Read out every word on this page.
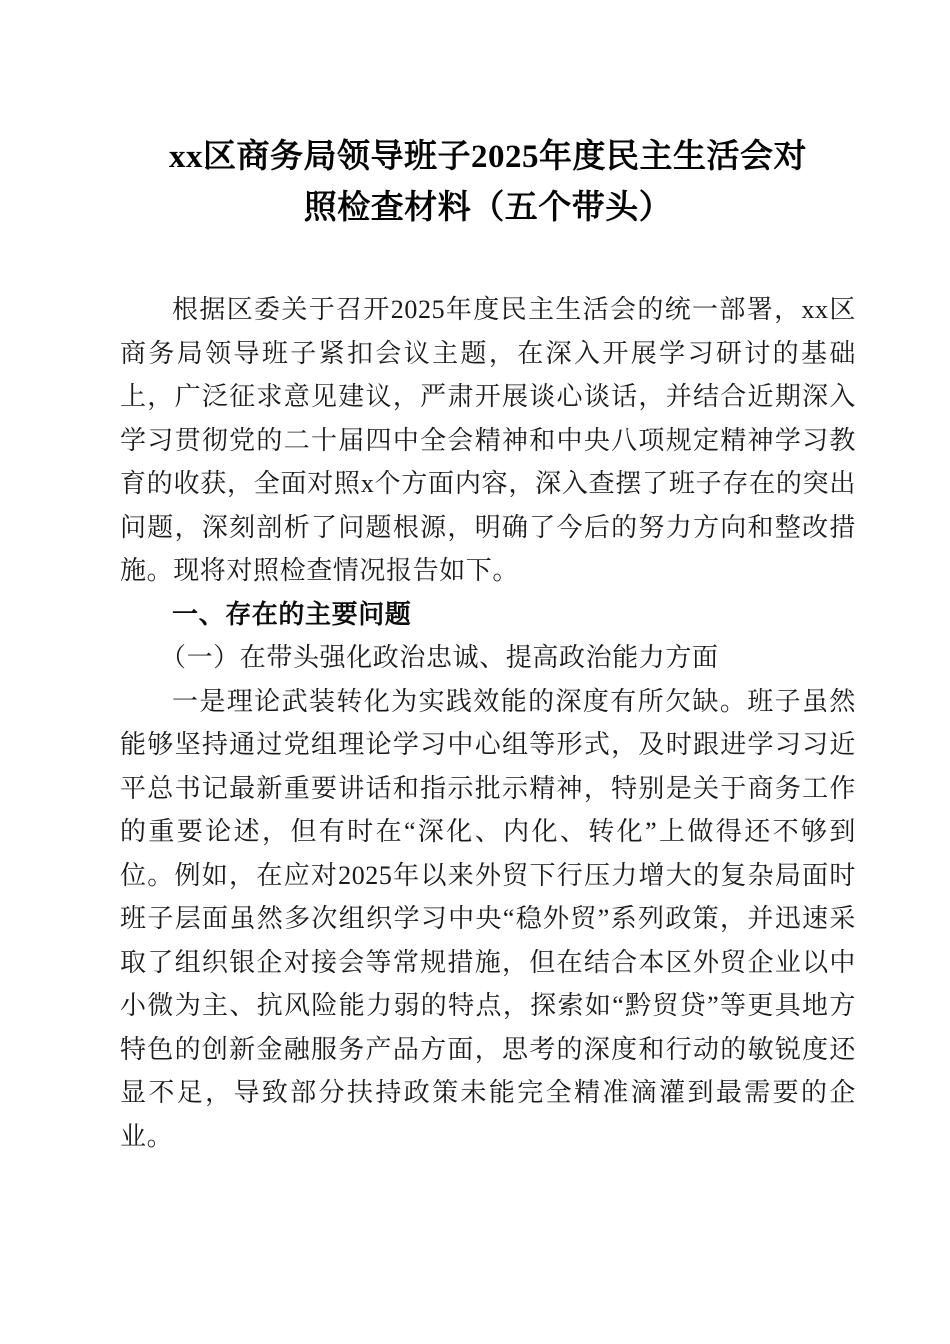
xx区商务局领导班子2025年度民主生活会对
照检查材料（五个带头）

根据区委关于召开2025年度民主生活会的统一部署，xx区商务局领导班子紧扣会议主题，在深入开展学习研讨的基础上，广泛征求意见建议，严肃开展谈心谈话，并结合近期深入学习贯彻党的二十届四中全会精神和中央八项规定精神学习教育的收获，全面对照x个方面内容，深入查摆了班子存在的突出问题，深刻剖析了问题根源，明确了今后的努力方向和整改措施。现将对照检查情况报告如下。

一、存在的主要问题

（一）在带头强化政治忠诚、提高政治能力方面

一是理论武装转化为实践效能的深度有所欠缺。班子虽然能够坚持通过党组理论学习中心组等形式，及时跟进学习习近平总书记最新重要讲话和指示批示精神，特别是关于商务工作的重要论述，但有时在“深化、内化、转化”上做得还不够到位。例如，在应对2025年以来外贸下行压力增大的复杂局面时班子层面虽然多次组织学习中央“稳外贸”系列政策，并迅速采取了组织银企对接会等常规措施，但在结合本区外贸企业以中小微为主、抗风险能力弱的特点，探索如“黔贸贷”等更具地方特色的创新金融服务产品方面，思考的深度和行动的敏锐度还显不足，导致部分扶持政策未能完全精准滴灌到最需要的企业。
